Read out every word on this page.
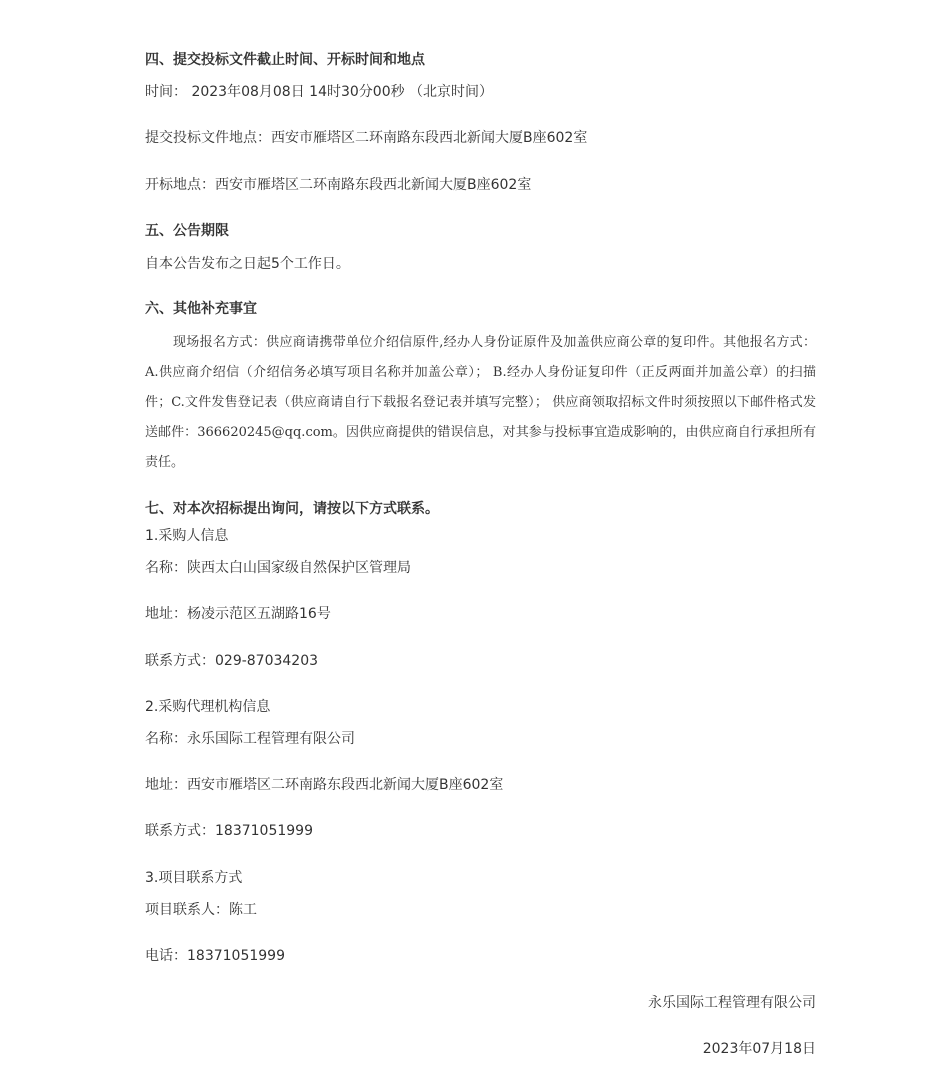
四、提交投标文件截止时间、开标时间和地点
时间： 2023年08月08日 14时30分00秒 （北京时间）
提交投标文件地点：西安市雁塔区二环南路东段西北新闻大厦B座602室
开标地点：西安市雁塔区二环南路东段西北新闻大厦B座602室
五、公告期限
自本公告发布之日起5个工作日。
六、其他补充事宜
现场报名方式：供应商请携带单位介绍信原件,经办人身份证原件及加盖供应商公章的复印件。其他报名方式： A.供应商介绍信（介绍信务必填写项目名称并加盖公章）； B.经办人身份证复印件（正反两面并加盖公章）的扫描件；C.文件发售登记表（供应商请自行下载报名登记表并填写完整）； 供应商领取招标文件时须按照以下邮件格式发送邮件：366620245@qq.com。因供应商提供的错误信息，对其参与投标事宜造成影响的，由供应商自行承担所有责任。
七、对本次招标提出询问，请按以下方式联系。
1.采购人信息
名称：陕西太白山国家级自然保护区管理局
地址：杨凌示范区五湖路16号
联系方式：029-87034203
2.采购代理机构信息
名称：永乐国际工程管理有限公司
地址：西安市雁塔区二环南路东段西北新闻大厦B座602室
联系方式：18371051999
3.项目联系方式
项目联系人：陈工
电话：18371051999
永乐国际工程管理有限公司
2023年07月18日
